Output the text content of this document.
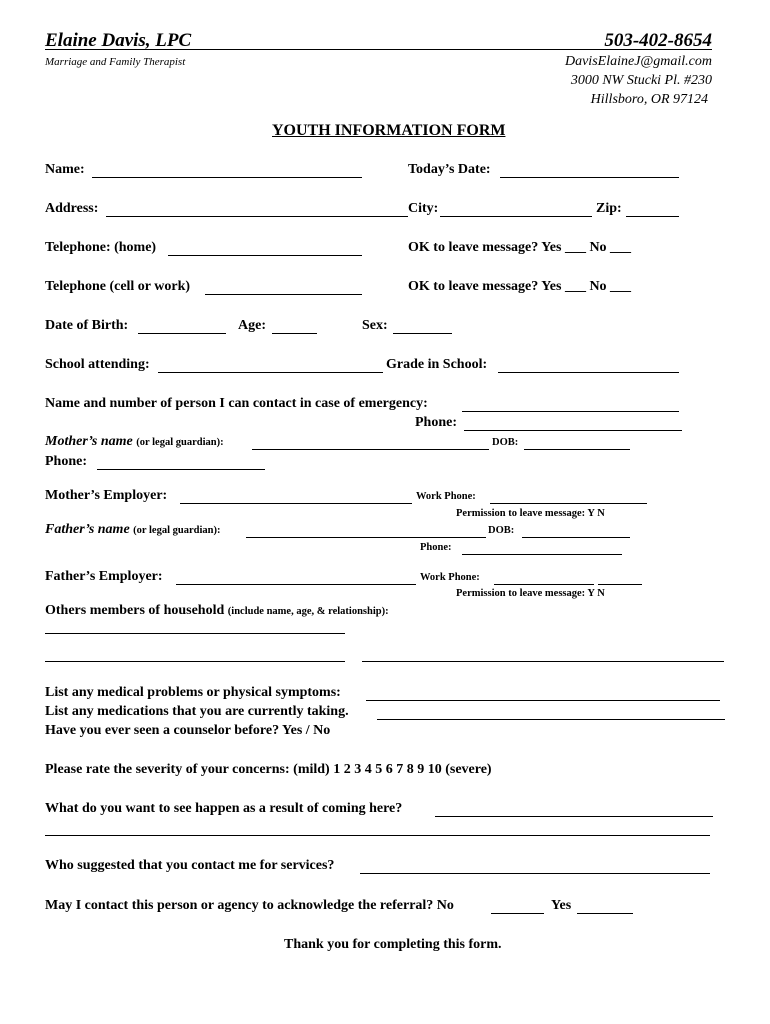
Elaine Davis, LPC	503-402-8654
Marriage and Family Therapist	DavisElaineJ@gmail.com
3000 NW Stucki Pl. #230
Hillsboro, OR 97124
YOUTH INFORMATION FORM
Name:	Today’s Date:
Address:	City:	Zip:
Telephone: (home)	OK to leave message? Yes ___ No ___
Telephone (cell or work)	OK to leave message? Yes ___ No ___
Date of Birth:	Age:	Sex:
School attending:	Grade in School:
Name and number of person I can contact in case of emergency:
Phone:
Mother’s name (or legal guardian):	DOB:
Phone:
Mother’s Employer:	Work Phone:
Permission to leave message: Y N
Father’s name (or legal guardian):	DOB:
Phone:
Father’s Employer:	Work Phone:
Permission to leave message: Y N
Others members of household (include name, age, & relationship):
List any medical problems or physical symptoms:
List any medications that you are currently taking.
Have you ever seen a counselor before? Yes / No
Please rate the severity of your concerns: (mild) 1 2 3 4 5 6 7 8 9 10 (severe)
What do you want to see happen as a result of coming here?
Who suggested that you contact me for services?
May I contact this person or agency to acknowledge the referral? No	Yes
Thank you for completing this form.
